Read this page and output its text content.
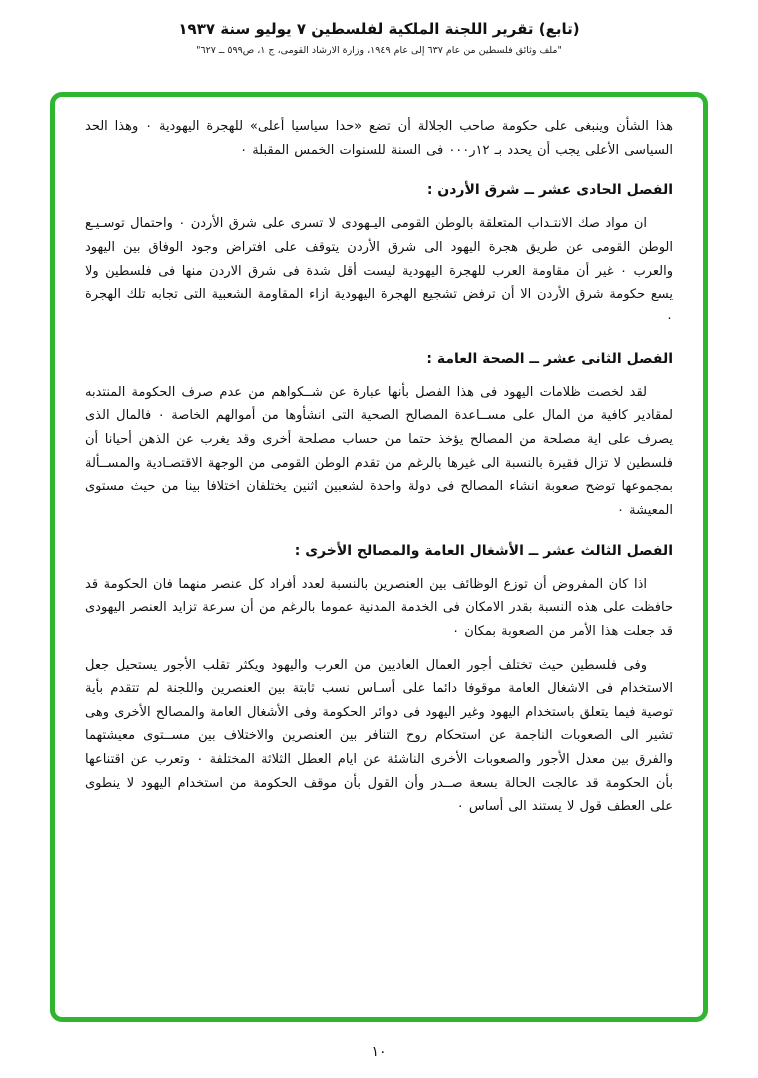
(تابع) تقرير اللجنة الملكية لفلسطين ٧ يوليو سنة ١٩٣٧
"ملف وثائق فلسطين من عام ٦٣٧ إلى عام ١٩٤٩، وزارة الارشاد القومى، ج ١، ص٥٩٩ ــ ٦٢٧"

هذا الشأن وينبغى على حكومة صاحب الجلالة أن تضع «حدا سياسيا أعلى» للهجرة اليهودية ٠ وهذا الحد السياسى الأعلى يجب أن يحدد بـ ١٢ر٠٠٠ فى السنة للسنوات الخمس المقبلة ٠

الفصل الحادى عشر ــ شرق الأردن :

ان مواد صك الانتـداب المتعلقة بالوطن القومى اليـهودى لا تسرى على شرق الأردن ٠ واحتمال توسـيـع الوطن القومى عن طريق هجرة اليهود الى شرق الأردن يتوقف على افتراض وجود الوفاق بين اليهود والعرب ٠ غير أن مقاومة العرب للهجرة اليهودية ليست أقل شدة فى شرق الاردن منها فى فلسطين ولا يسع حكومة شرق الأردن الا أن ترفض تشجيع الهجرة اليهودية ازاء المقاومة الشعبية التى تجابه تلك الهجرة ٠

الفصل الثانى عشر ــ الصحة العامة :

لقد لخصت ظلامات اليهود فى هذا الفصل بأنها عبارة عن شــكواهم من عدم صرف الحكومة المنتدبه لمقادير كافية من المال على مســاعدة المصالح الصحية التى انشأوها من أموالهم الخاصة ٠ فالمال الذى يصرف على اية مصلحة من المصالح يؤخذ حتما من حساب مصلحة أخرى وقد يغرب عن الذهن أحيانا أن فلسطين لا تزال فقيرة بالنسبة الى غيرها بالرغم من تقدم الوطن القومى من الوجهة الاقتصـادية والمســألة بمجموعها توضح صعوبة انشاء المصالح فى دولة واحدة لشعبين اثنين يختلفان اختلافا بينا من حيث مستوى المعيشة ٠

الفصل الثالث عشر ــ الأشغال العامة والمصالح الأخرى :

اذا كان المفروض أن توزع الوظائف بين العنصرين بالنسبة لعدد أفراد كل عنصر منهما فان الحكومة قد حافظت على هذه النسبة بقدر الامكان فى الخدمة المدنية عموما بالرغم من أن سرعة تزايد العنصر اليهودى قد جعلت هذا الأمر من الصعوبة بمكان ٠

وفى فلسطين حيث تختلف أجور العمال العاديين من العرب واليهود ويكثر تقلب الأجور يستحيل جعل الاستخدام فى الاشغال العامة موقوفا دائما على أسـاس نسب ثابتة بين العنصرين واللجنة لم تتقدم بأية توصية فيما يتعلق باستخدام اليهود وغير اليهود فى دوائر الحكومة وفى الأشغال العامة والمصالح الأخرى وهى تشير الى الصعوبات الناجمة عن استحكام روح التنافر بين العنصرين والاختلاف بين مســتوى معيشتهما والفرق بين معدل الأجور والصعوبات الأخرى الناشئة عن ايام العطل الثلاثة المختلفة ٠ وتعرب عن اقتناعها بأن الحكومة قد عالجت الحالة بسعة صــدر وأن القول بأن موقف الحكومة من استخدام اليهود لا ينطوى على العطف قول لا يستند الى أساس ٠

١٠
